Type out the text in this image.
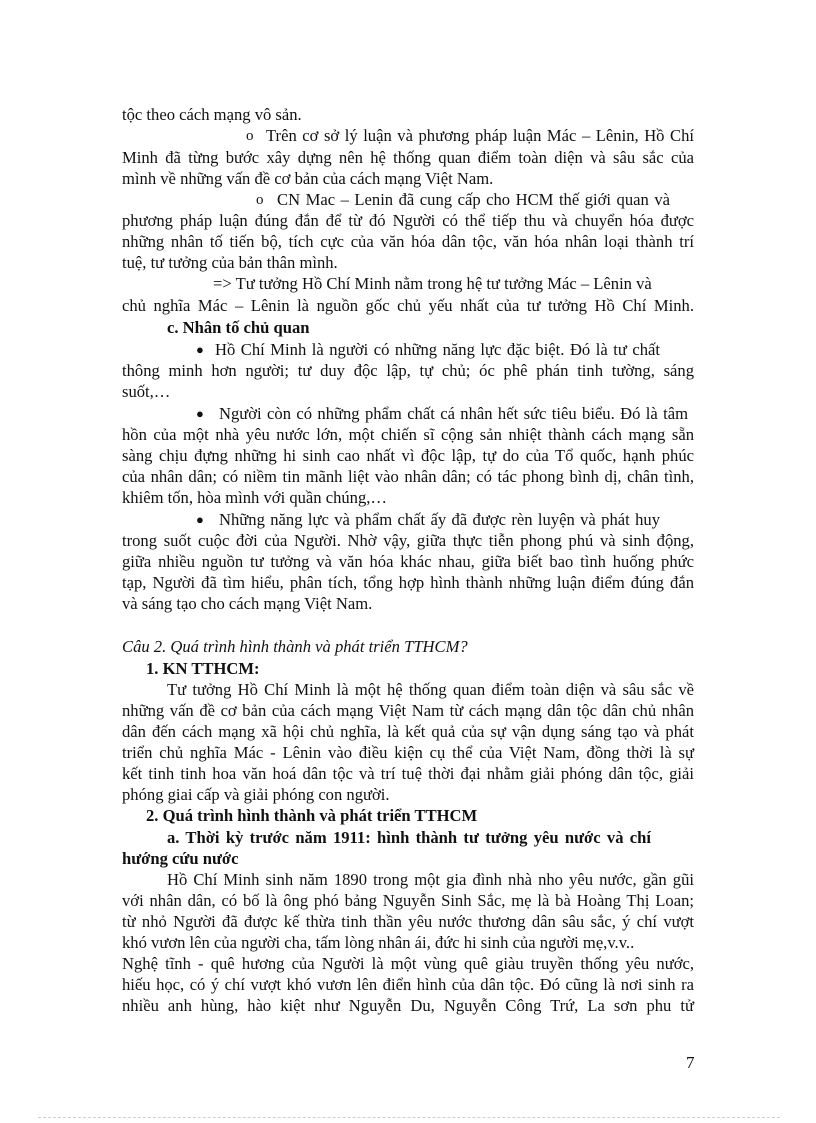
tộc theo cách mạng vô sản.
o Trên cơ sở lý luận và phương pháp luận Mác – Lênin, Hồ Chí
Minh đã từng bước xây dựng nên hệ thống quan điểm toàn diện và sâu sắc của
mình về những vấn đề cơ bản của cách mạng Việt Nam.
o CN Mac – Lenin đã cung cấp cho HCM thế giới quan và
phương pháp luận đúng đắn để từ đó Người có thể tiếp thu và chuyển hóa được
những nhân tố tiến bộ, tích cực của văn hóa dân tộc, văn hóa nhân loại thành trí
tuệ, tư tưởng của bản thân mình.
=> Tư tưởng Hồ Chí Minh nằm trong hệ tư tưởng Mác – Lênin và
chủ nghĩa Mác – Lênin là nguồn gốc chủ yếu nhất của tư tưởng Hồ Chí Minh.
c. Nhân tố chủ quan
● Hồ Chí Minh là người có những năng lực đặc biệt. Đó là tư chất
thông minh hơn người; tư duy độc lập, tự chủ; óc phê phán tinh tường, sáng
suốt,…
● Người còn có những phẩm chất cá nhân hết sức tiêu biểu. Đó là tâm
hồn của một nhà yêu nước lớn, một chiến sĩ cộng sản nhiệt thành cách mạng sẵn
sàng chịu đựng những hi sinh cao nhất vì độc lập, tự do của Tổ quốc, hạnh phúc
của nhân dân; có niềm tin mãnh liệt vào nhân dân; có tác phong bình dị, chân tình,
khiêm tốn, hòa mình với quần chúng,…
● Những năng lực và phẩm chất ấy đã được rèn luyện và phát huy
trong suốt cuộc đời của Người. Nhờ vậy, giữa thực tiễn phong phú và sinh động,
giữa nhiều nguồn tư tưởng và văn hóa khác nhau, giữa biết bao tình huống phức
tạp, Người đã tìm hiểu, phân tích, tổng hợp hình thành những luận điểm đúng đắn
và sáng tạo cho cách mạng Việt Nam.
Câu 2. Quá trình hình thành và phát triển TTHCM?
1. KN TTHCM:
Tư tưởng Hồ Chí Minh là một hệ thống quan điểm toàn diện và sâu sắc về
những vấn đề cơ bản của cách mạng Việt Nam từ cách mạng dân tộc dân chủ nhân
dân đến cách mạng xã hội chủ nghĩa, là kết quả của sự vận dụng sáng tạo và phát
triển chủ nghĩa Mác - Lênin vào điều kiện cụ thể của Việt Nam, đồng thời là sự
kết tinh tinh hoa văn hoá dân tộc và trí tuệ thời đại nhằm giải phóng dân tộc, giải
phóng giai cấp và giải phóng con người.
2. Quá trình hình thành và phát triển TTHCM
a. Thời kỳ trước năm 1911: hình thành tư tưởng yêu nước và chí
hướng cứu nước
Hồ Chí Minh sinh năm 1890 trong một gia đình nhà nho yêu nước, gần gũi
với nhân dân, có bố là ông phó bảng Nguyễn Sinh Sắc, mẹ là bà Hoàng Thị Loan;
từ nhỏ Người đã được kế thừa tinh thần yêu nước thương dân sâu sắc, ý chí vượt
khó vươn lên của người cha, tấm lòng nhân ái, đức hi sinh của người mẹ,v.v..
Nghệ tĩnh - quê hương của Người là một vùng quê giàu truyền thống yêu nước,
hiếu học, có ý chí vượt khó vươn lên điển hình của dân tộc. Đó cũng là nơi sinh ra
nhiều anh hùng, hào kiệt như Nguyễn Du, Nguyễn Công Trứ, La sơn phu tử
7
